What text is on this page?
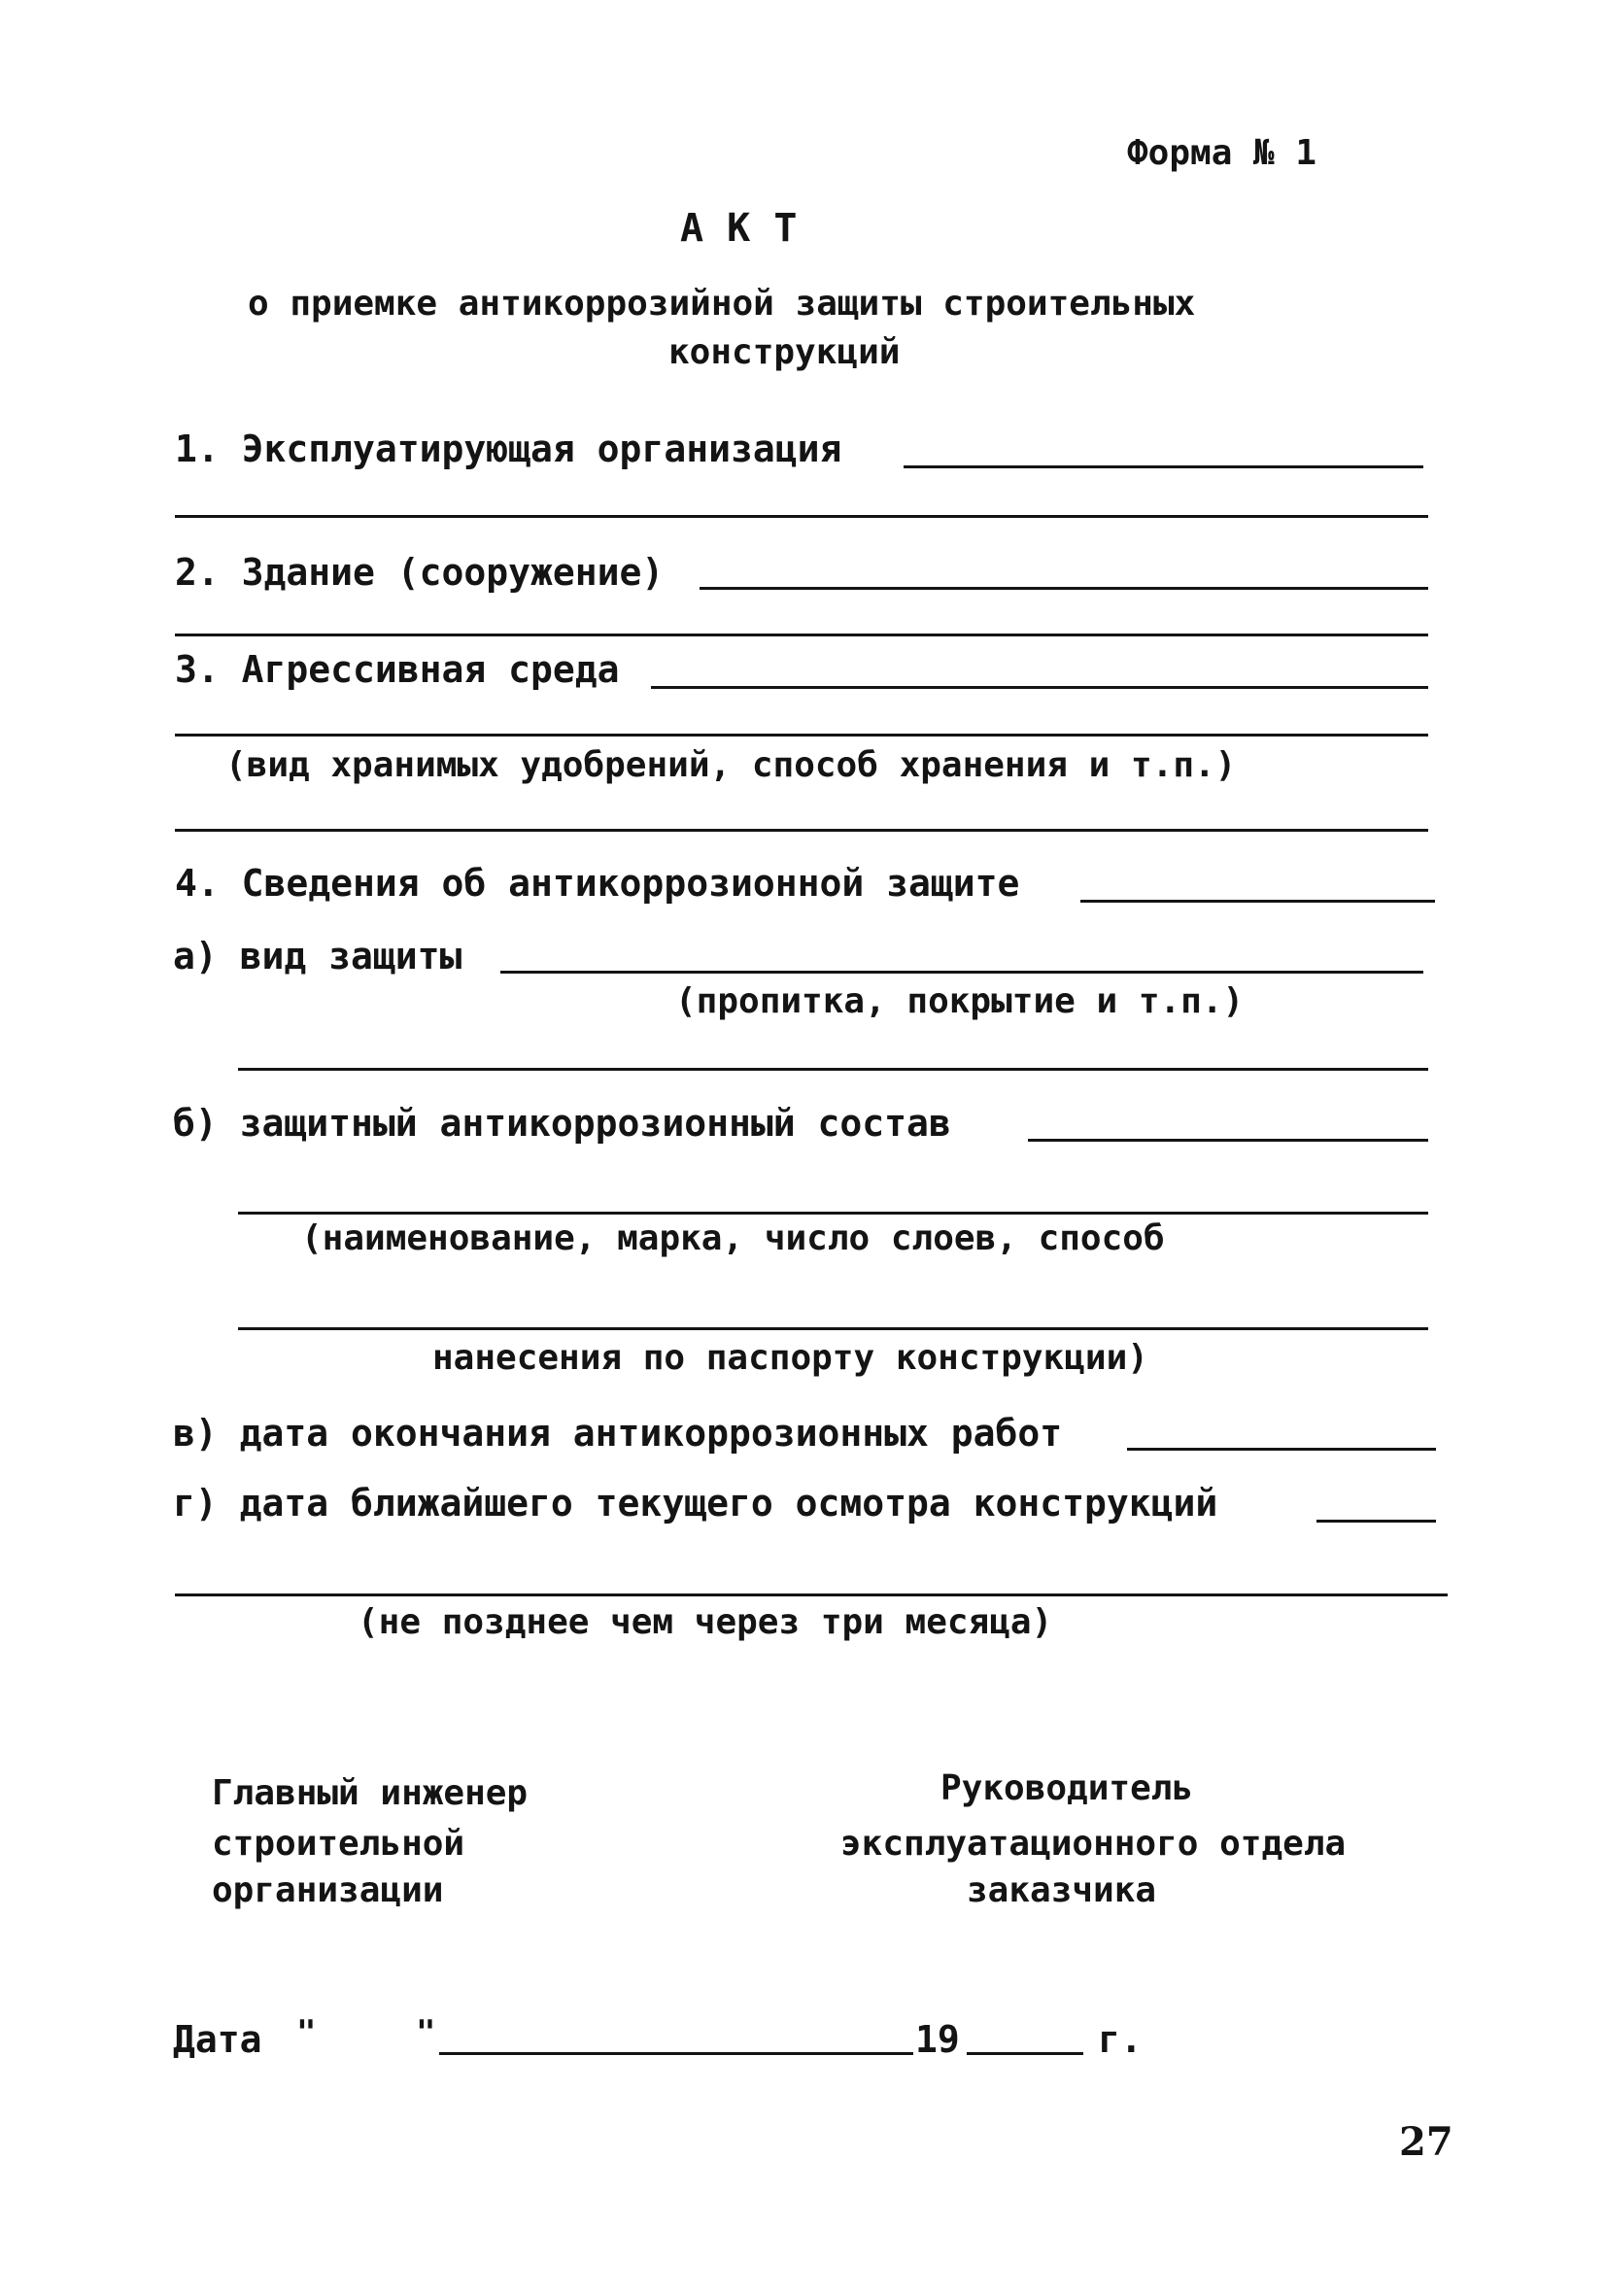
Форма № 1
А К Т
о приемке антикоррозийной защиты строительных
конструкций
1. Эксплуатирующая организация
2. Здание (сооружение)
3. Агрессивная среда
(вид хранимых удобрений, способ хранения и т.п.)
4. Сведения об антикоррозионной защите
а) вид защиты
(пропитка, покрытие и т.п.)
б) защитный антикоррозионный состав
(наименование, марка, число слоев, способ
нанесения по паспорту конструкции)
в) дата окончания антикоррозионных работ
г) дата ближайшего текущего осмотра конструкций
(не позднее чем через три месяца)
Главный инженер
строительной
организации
Руководитель
эксплуатационного отдела
заказчика
Дата "	"	19	г.
27
